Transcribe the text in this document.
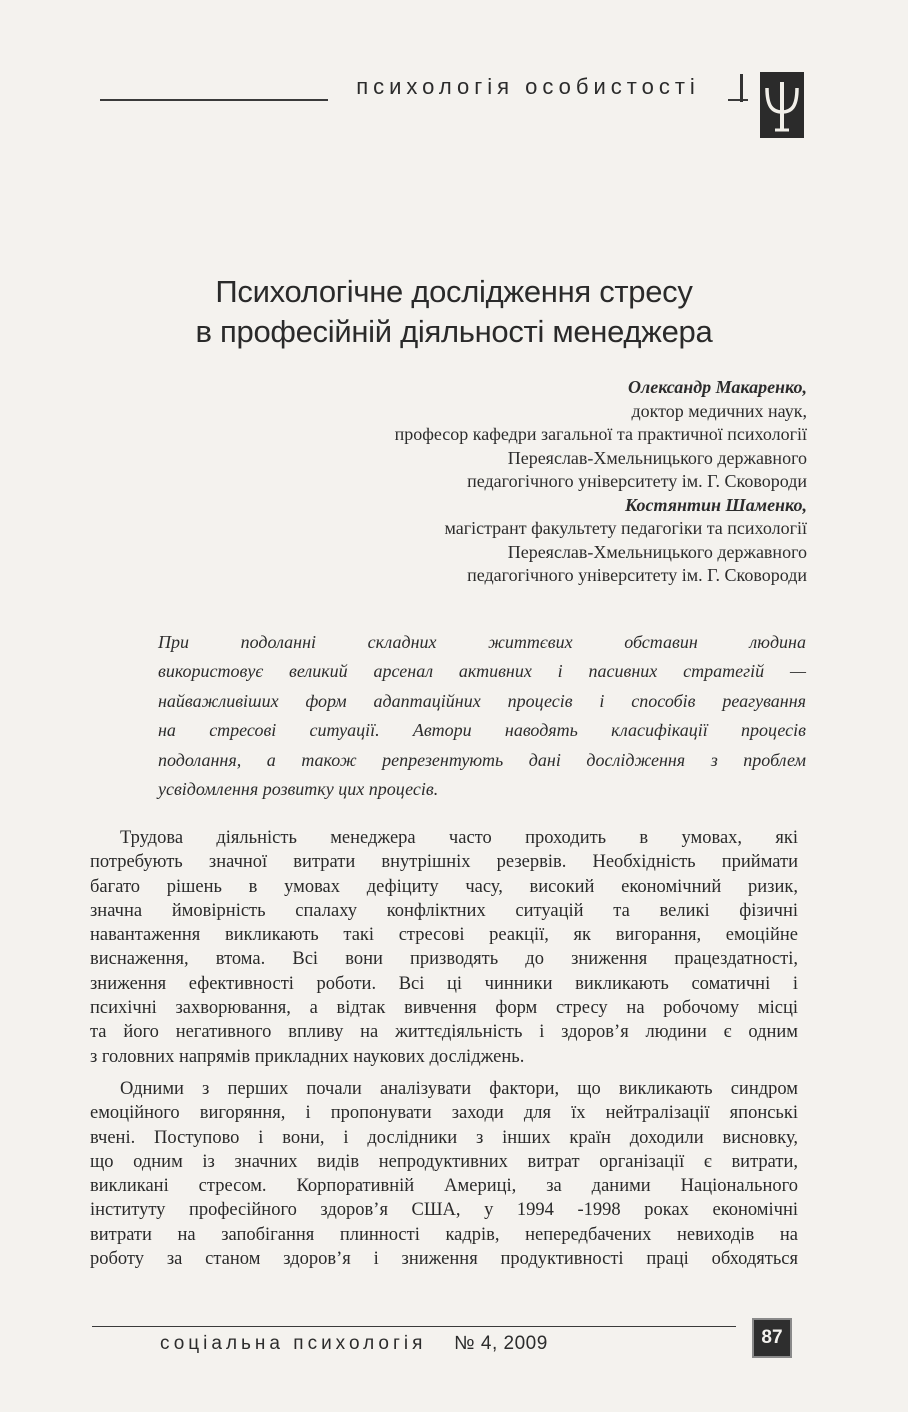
психологія особистості
Психологічне дослідження стресу
в професійній діяльності менеджера
Олександр Макаренко,
доктор медичних наук,
професор кафедри загальної та практичної психології
Переяслав-Хмельницького державного
педагогічного університету ім. Г. Сковороди
Костянтин Шаменко,
магістрант факультету педагогіки та психології
Переяслав-Хмельницького державного
педагогічного університету ім. Г. Сковороди
При подоланні складних життєвих обставин людина
використовує великий арсенал активних і пасивних стратегій —
найважливіших форм адаптаційних процесів і способів реагування
на стресові ситуації. Автори наводять класифікації процесів
подолання, а також репрезентують дані дослідження з проблем
усвідомлення розвитку цих процесів.
Трудова діяльність менеджера часто проходить в умовах, які
потребують значної витрати внутрішніх резервів. Необхідність приймати
багато рішень в умовах дефіциту часу, високий економічний ризик,
значна ймовірність спалаху конфліктних ситуацій та великі фізичні
навантаження викликають такі стресові реакції, як вигорання, емоційне
виснаження, втома. Всі вони призводять до зниження працездатності,
зниження ефективності роботи. Всі ці чинники викликають соматичні і
психічні захворювання, а відтак вивчення форм стресу на робочому місці
та його негативного впливу на життєдіяльність і здоров’я людини є одним
з головних напрямів прикладних наукових досліджень.
Одними з перших почали аналізувати фактори, що викликають синдром
емоційного вигоряння, і пропонувати заходи для їх нейтралізації японські
вчені. Поступово і вони, і дослідники з інших країн доходили висновку,
що одним із значних видів непродуктивних витрат організації є витрати,
викликані стресом. Корпоративній Америці, за даними Національного
інституту професійного здоров’я США, у 1994 -1998 роках економічні
витрати на запобігання плинності кадрів, непередбачених невиходів на
роботу за станом здоров’я і зниження продуктивності праці обходяться
соціальна психологія № 4, 2009	87
